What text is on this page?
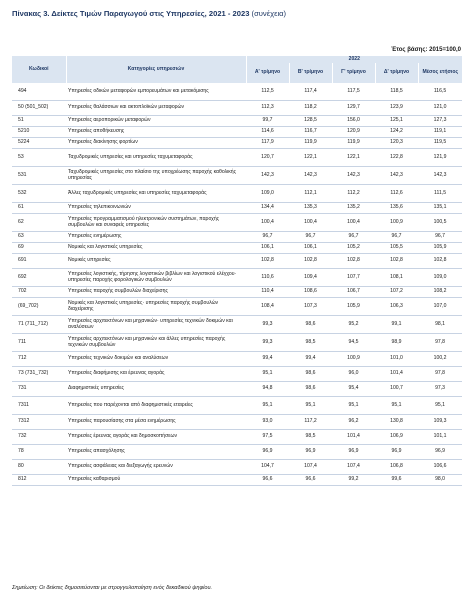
Πίνακας 3. Δείκτες Τιμών Παραγωγού στις Υπηρεσίες, 2021 - 2023 (συνέχεια)
Έτος βάσης: 2015=100,0
Κωδικοί	Κατηγορίες υπηρεσιών	2022				
		Α' τρίμηνο	Β' τρίμηνο	Γ' τρίμηνο	Δ' τρίμηνο	Μέσος ετήσιος
494	Υπηρεσίες οδικών μεταφορών εμπορευμάτων και μετακόμισης	112,5	117,4	117,5	118,5	116,5
50 (501_502)	Υπηρεσίες θαλάσσιων και ακτοπλοϊκών μεταφορών	112,3	118,2	129,7	123,9	121,0
51	Υπηρεσίες αεροπορικών μεταφορών	99,7	128,5	156,0	125,1	127,3
5210	Υπηρεσίες αποθήκευσης	114,6	116,7	120,9	124,2	119,1
5224	Υπηρεσίες διακίνησης φορτίων	117,9	119,9	119,9	120,3	119,5
53	Ταχυδρομικές υπηρεσίες και υπηρεσίες ταχυμεταφοράς	120,7	122,1	122,1	122,8	121,9
531	Ταχυδρομικές υπηρεσίες στο πλαίσιο της υποχρέωσης παροχής καθολικής υπηρεσίας	142,3	142,3	142,3	142,3	142,3
532	Άλλες ταχυδρομικές υπηρεσίες και υπηρεσίες ταχυμεταφοράς	109,0	112,1	112,2	112,6	111,5
61	Υπηρεσίες τηλεπικοινωνιών	134,4	135,3	135,2	135,6	135,1
62	Υπηρεσίες προγραμματισμού ηλεκτρονικών συστημάτων, παροχής συμβουλών και συναφείς υπηρεσίες	100,4	100,4	100,4	100,9	100,5
63	Υπηρεσίες ενημέρωσης	96,7	96,7	96,7	96,7	96,7
69	Νομικές και λογιστικές υπηρεσίες	106,1	106,1	105,2	105,5	105,9
691	Νομικές υπηρεσίες	102,8	102,8	102,8	102,8	102,8
692	Υπηρεσίες λογιστικής, τήρησης λογιστικών βιβλίων και λογιστικού ελέγχου· υπηρεσίες παροχής φορολογικών συμβουλών	110,6	109,4	107,7	108,1	109,0
702	Υπηρεσίες παροχής συμβουλών διαχείρισης	110,4	108,6	106,7	107,2	108,2
(69_702)	Νομικές και λογιστικές υπηρεσίες· υπηρεσίες παροχής συμβουλών διαχείρισης	108,4	107,3	105,9	106,3	107,0
71 (711_712)	Υπηρεσίες αρχιτεκτόνων και μηχανικών· υπηρεσίες τεχνικών δοκιμών και αναλύσεων	99,3	98,6	95,2	99,1	98,1
711	Υπηρεσίες αρχιτεκτόνων και μηχανικών και άλλες υπηρεσίες παροχής τεχνικών συμβουλών	99,3	98,5	94,5	98,9	97,8
712	Υπηρεσίες τεχνικών δοκιμών και αναλύσεων	99,4	99,4	100,9	101,0	100,2
73 (731_732)	Υπηρεσίες διαφήμισης και έρευνας αγοράς	95,1	98,6	96,0	101,4	97,8
731	Διαφημιστικές υπηρεσίες	94,8	98,6	95,4	100,7	97,3
7311	Υπηρεσίες που παρέχονται από διαφημιστικές εταιρείες	95,1	95,1	95,1	95,1	95,1
7312	Υπηρεσίες παρουσίασης στα μέσα ενημέρωσης	93,0	117,2	96,2	130,8	109,3
732	Υπηρεσίες έρευνας αγοράς και δημοσκοπήσεων	97,5	98,5	101,4	106,9	101,1
78	Υπηρεσίες απασχόλησης	96,9	96,9	96,9	96,9	96,9
80	Υπηρεσίες ασφάλειας και διεξαγωγής ερευνών	104,7	107,4	107,4	106,8	106,6
812	Υπηρεσίες καθαρισμού	96,6	96,6	99,2	99,6	98,0
Σημείωση: Οι δείκτες δημοσιεύονται με στρογγυλοποίηση ενός δεκαδικού ψηφίου.
